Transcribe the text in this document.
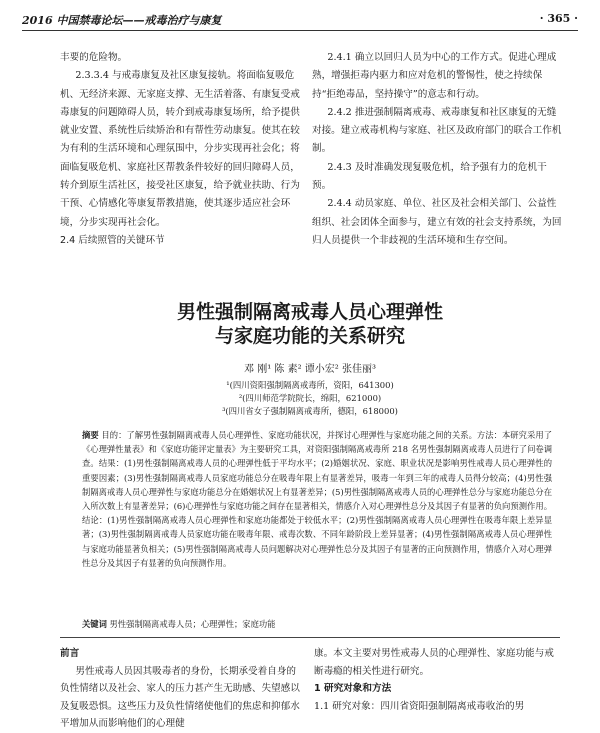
2016 中国禁毒论坛——戒毒治疗与康复	· 365 ·

丰要的危险物。

2.3.3.4 与戒毒康复及社区康复接轨。将面临复吸危机、无经济来源、无家庭支撑、无生活着落、有康复受戒毒康复的问题障碍人员，转介到戒毒康复场所，给予提供就业安置、系统性后续矫治和有帮性劳动康复。使其在较为有利的生活环境和心理氛围中，分步实现再社会化；将面临复吸危机、家庭社区帮教条件较好的回归障碍人员，转介到原生活社区，接受社区康复，给予就业扶助、行为干预、心情感化等康复帮教措施，使其逐步适应社会环境，分步实现再社会化。

2.4 后续照管的关键环节

2.4.1 确立以回归人员为中心的工作方式。促进心理成熟，增强拒毒内驱力和应对危机的警惕性，使之持续保持“拒绝毒品，坚持操守”的意志和行动。

2.4.2 推进强制隔离戒毒、戒毒康复和社区康复的无缝对接。建立戒毒机构与家庭、社区及政府部门的联合工作机制。

2.4.3 及时准确发现复吸危机，给予强有力的危机干预。

2.4.4 动员家庭、单位、社区及社会相关部门、公益性组织、社会团体全面参与，建立有效的社会支持系统，为回归人员提供一个非歧视的生活环境和生存空间。

男性强制隔离戒毒人员心理弹性

与家庭功能的关系研究

邓 刚¹ 陈 素² 谭小宏² 张佳丽³

¹(四川资阳强制隔离戒毒所，资阳，641300)

²(四川师范学院院长，绵阳，621000)

³(四川省女子强制隔离戒毒所，德阳，618000)

摘要 目的：了解男性强制隔离戒毒人员心理弹性、家庭功能状况，并探讨心理弹性与家庭功能之间的关系。方法：本研究采用了《心理弹性量表》和《家庭功能评定量表》为主要研究工具，对资阳强制隔离戒毒所 218 名男性强制隔离戒毒人员进行了问卷调查。结果：(1)男性强制隔离戒毒人员的心理弹性低于平均水平；(2)婚姻状况、家庭、职业状况是影响男性戒毒人员心理弹性的重要因素；(3)男性强制隔离戒毒人员家庭功能总分在吸毒年限上有显著差异，吸毒一年到三年的戒毒人员得分较高；(4)男性强制隔离戒毒人员心理弹性与家庭功能总分在婚姻状况上有显著差异；(5)男性强制隔离戒毒人员的心理弹性总分与家庭功能总分在入所次数上有显著差异；(6)心理弹性与家庭功能之间存在显著相关，情感介入对心理弹性总分及其因子有显著的负向预测作用。结论：(1)男性强制隔离戒毒人员心理弹性和家庭功能都处于较低水平；(2)男性强制隔离戒毒人员心理弹性在吸毒年限上差异显著；(3)男性强制隔离戒毒人员家庭功能在吸毒年限、戒毒次数、不同年龄阶段上差异显著；(4)男性强制隔离戒毒人员心理弹性与家庭功能显著负相关；(5)男性强制隔离戒毒人员问题解决对心理弹性总分及其因子有显著的正向预测作用，情感介入对心理弹性总分及其因子有显著的负向预测作用。
关键词 男性强制隔离戒毒人员；心理弹性；家庭功能

前言

男性戒毒人员因其吸毒者的身份，长期承受着自身的负性情绪以及社会、家人的压力甚产生无助感、失望感以及复吸恐惧。这些压力及负性情绪使他们的焦虑和抑郁水平增加从而影响他们的心理健

康。本文主要对男性戒毒人员的心理弹性、家庭功能与戒断毒瘾的相关性进行研究。

1 研究对象和方法

1.1 研究对象：四川省资阳强制隔离戒毒收治的男
